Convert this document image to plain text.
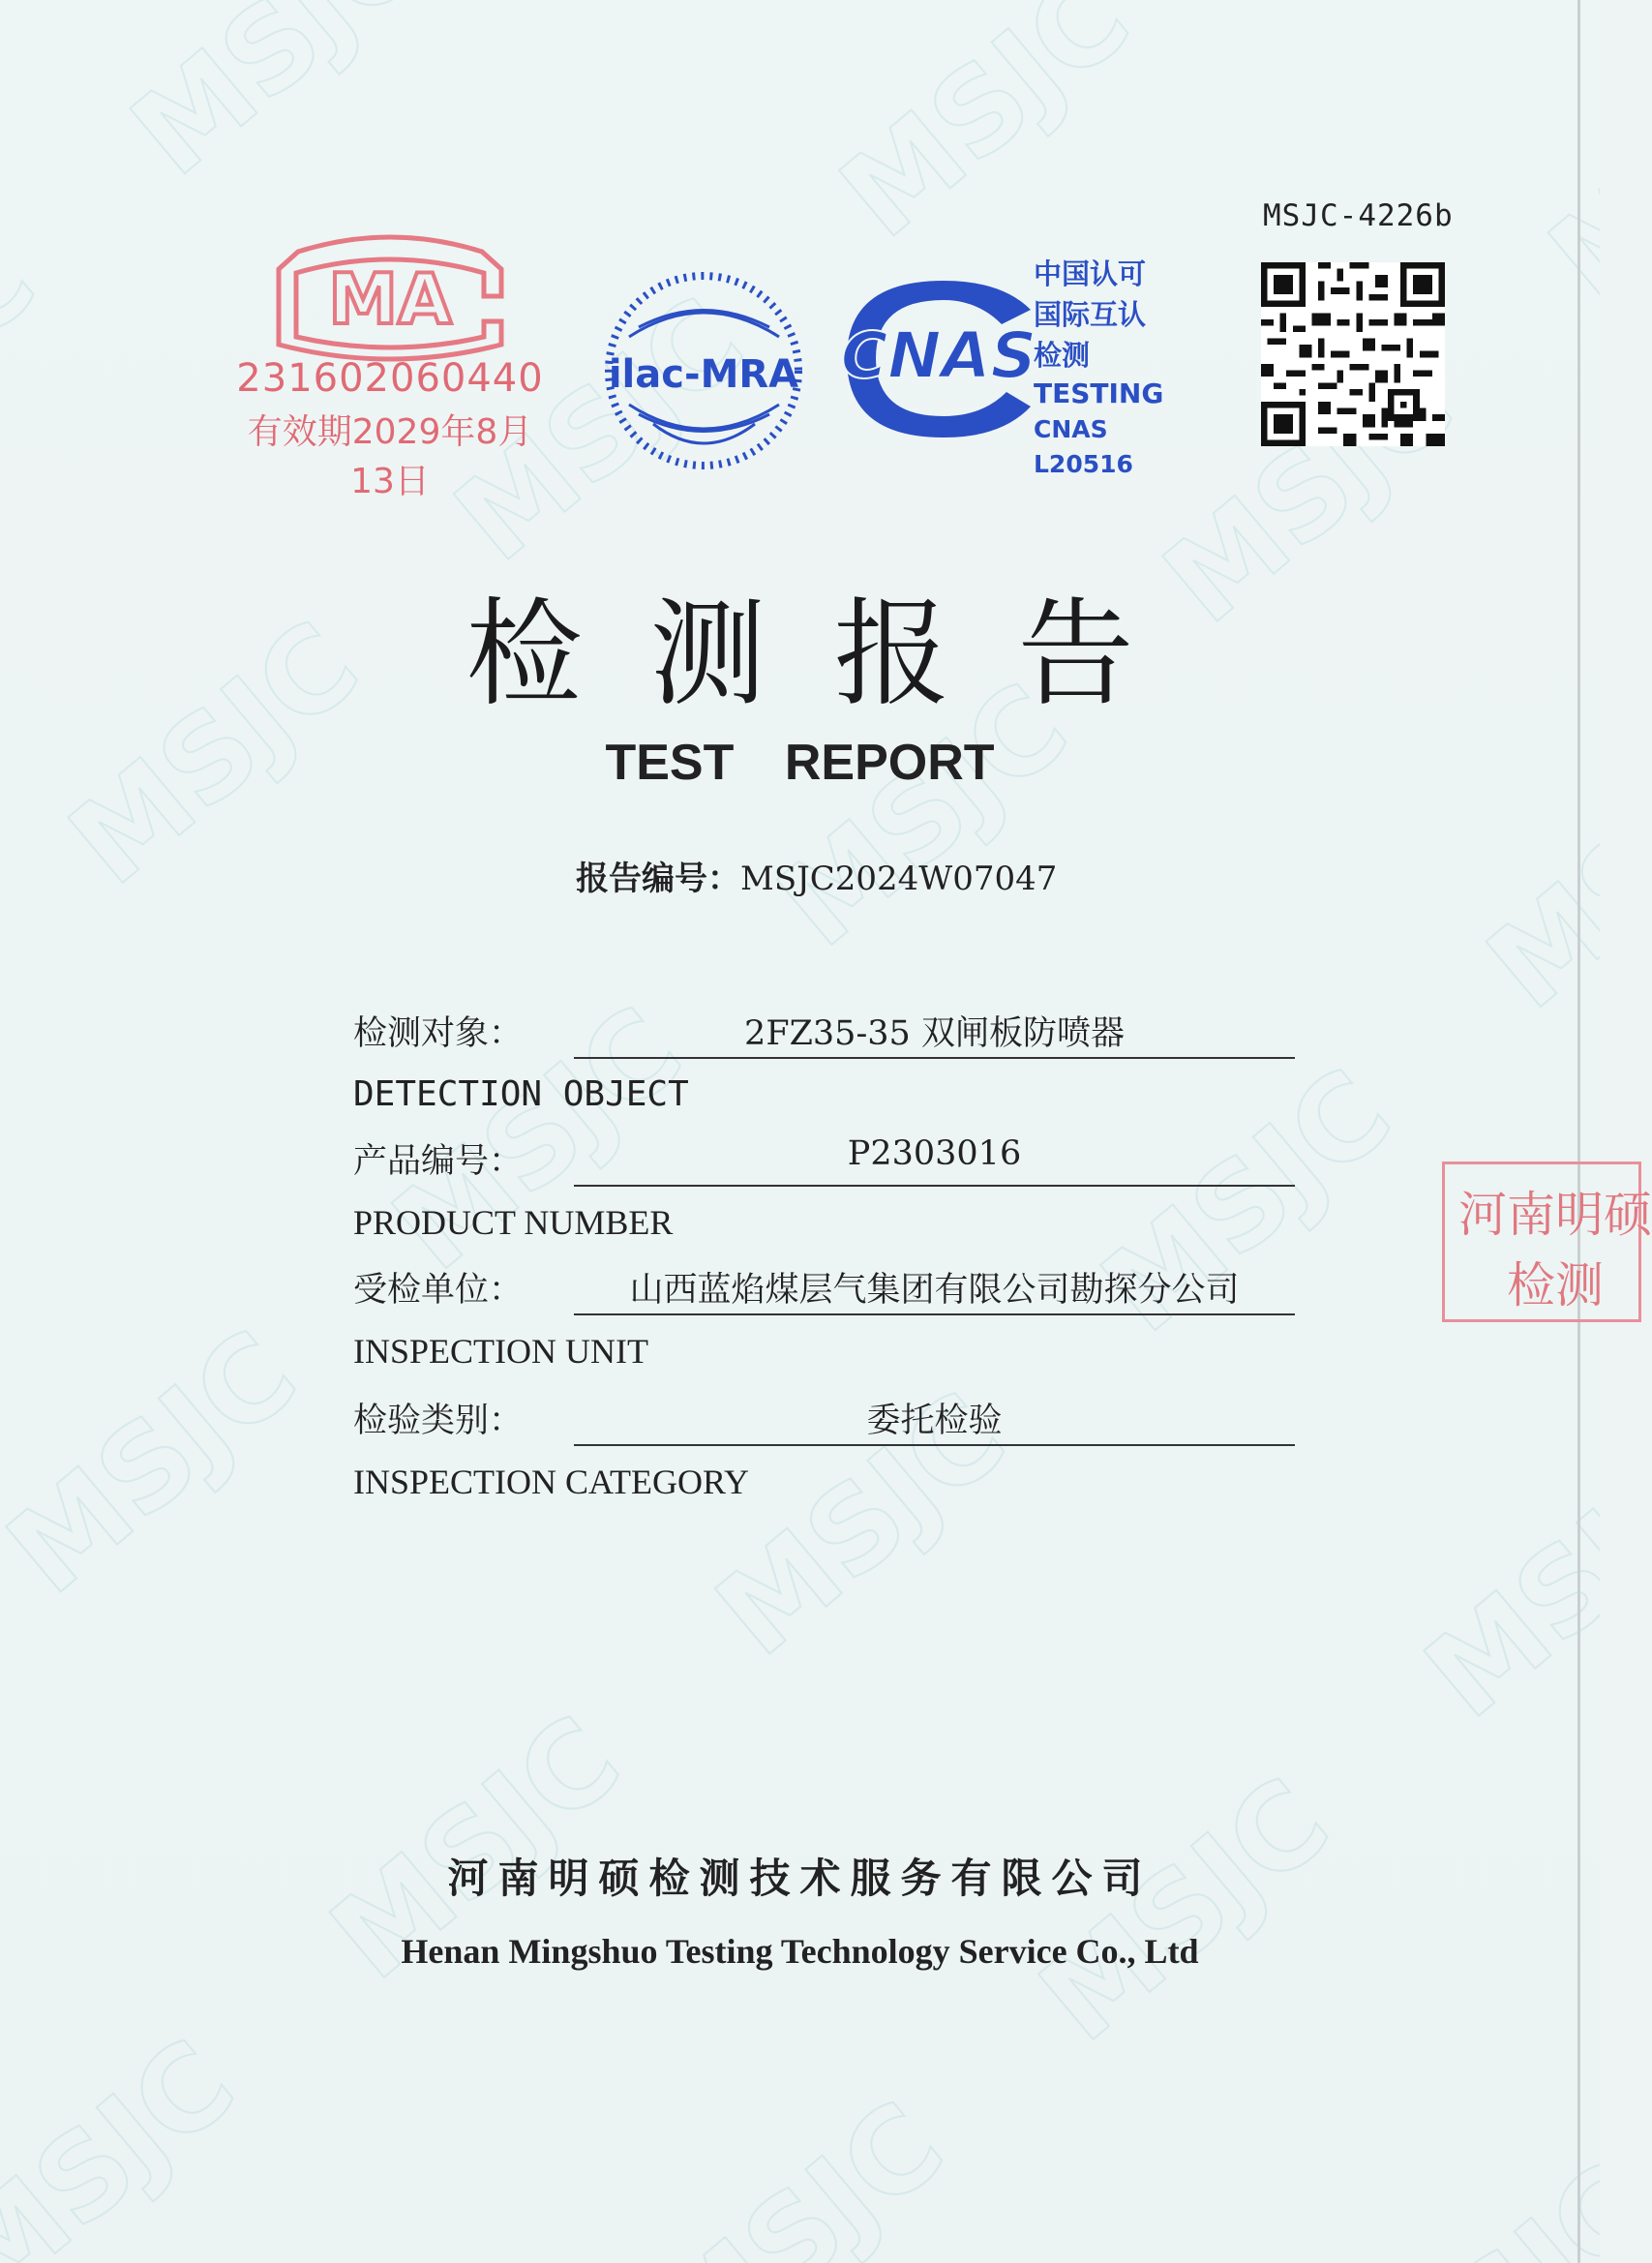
MSJC-4226b
MA
231602060440
有效期2029年8月13日
ilac-MRA CNAS
中国认可
国际互认
检测
TESTING
CNAS L20516
检测报告
TEST REPORT
报告编号：MSJC2024W07047
检测对象：	2FZ35-35 双闸板防喷器
DETECTION OBJECT
产品编号：	P2303016
PRODUCT NUMBER
受检单位：	山西蓝焰煤层气集团有限公司勘探分公司
INSPECTION UNIT
检验类别：	委托检验
INSPECTION CATEGORY
河南明硕
检测
河南明硕检测技术服务有限公司
Henan Mingshuo Testing Technology Service Co., Ltd
